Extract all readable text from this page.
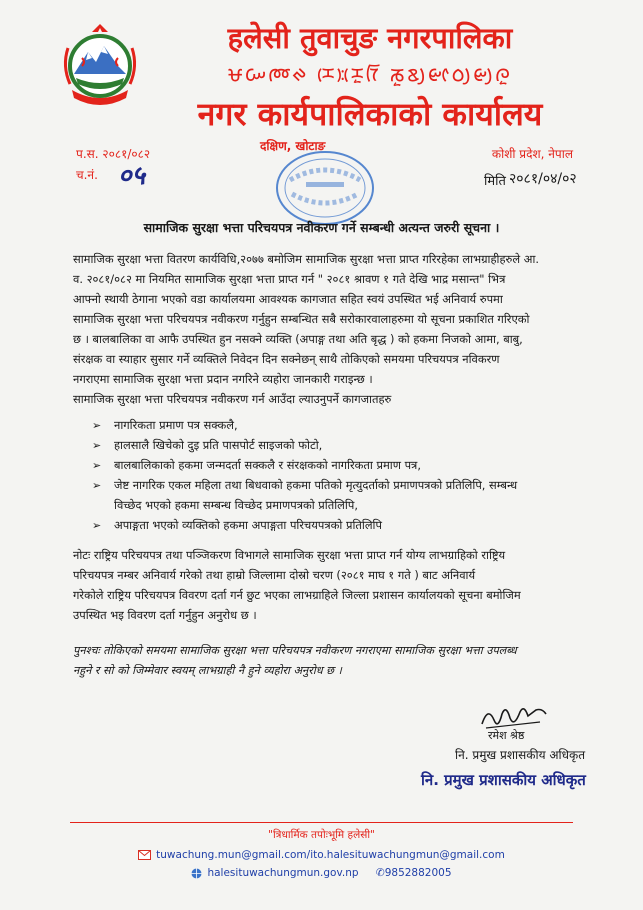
हलेसी तुवाचुङ नगरपालिका
ᰝᰠᰢᰊ ᰌᰨ᰿ᰌᰬᰅᰩ ᰕᰬᰣᰪᰡᰦᰓᰪᰡᰪᰍᰬ
नगर कार्यपालिकाको कार्यालय
प.स. २०८१/०८२
च.नं. ०५
कोशी प्रदेश, नेपाल
मिति २०८१/०४/०२
दक्षिण, खोटाङ
सामाजिक सुरक्षा भत्ता परिचयपत्र नवीकरण गर्ने सम्बन्धी अत्यन्त जरुरी सूचना ।
सामाजिक सुरक्षा भत्ता वितरण कार्यविधि,२०७७ बमोजिम सामाजिक सुरक्षा भत्ता प्राप्त गरिरहेका लाभग्राहीहरुले आ.
व. २०८१/०८२ मा नियमित सामाजिक सुरक्षा भत्ता प्राप्त गर्न " २०८१ श्रावण १ गते देखि भाद्र मसान्त" भित्र
आफ्नो स्थायी ठेगाना भएको वडा कार्यालयमा आवश्यक कागजात सहित स्वयं उपस्थित भई अनिवार्य रुपमा
सामाजिक सुरक्षा भत्ता परिचयपत्र नवीकरण गर्नुहुन सम्बन्धित सबै सरोकारवालाहरुमा यो सूचना प्रकाशित गरिएको
छ । बालबालिका वा आफै उपस्थित हुन नसक्ने व्यक्ति (अपाङ्ग तथा अति बृद्ध ) को हकमा निजको आमा, बाबु,
संरक्षक वा स्याहार सुसार गर्ने व्यक्तिले निवेदन दिन सक्नेछन् साथै तोकिएको समयमा परिचयपत्र नविकरण
नगराएमा सामाजिक सुरक्षा भत्ता प्रदान नगरिने व्यहोरा जानकारी गराइन्छ ।
सामाजिक सुरक्षा भत्ता परिचयपत्र नवीकरण गर्न आउँदा ल्याउनुपर्ने कागजातहरु
➢ नागरिकता प्रमाण पत्र सक्कलै,
➢ हालसालै खिचेको दुइ प्रति पासपोर्ट साइजको फोटो,
➢ बालबालिकाको हकमा जन्मदर्ता सक्कलै र संरक्षकको नागरिकता प्रमाण पत्र,
➢ जेष्ट नागरिक एकल महिला तथा बिधवाको हकमा पतिको मृत्युदर्ताको प्रमाणपत्रको प्रतिलिपि, सम्बन्ध
विच्छेद भएको हकमा सम्बन्ध विच्छेद प्रमाणपत्रको प्रतिलिपि,
➢ अपाङ्गता भएको व्यक्तिको हकमा अपाङ्गता परिचयपत्रको प्रतिलिपि
नोटः राष्ट्रिय परिचयपत्र तथा पञ्जिकरण विभागले सामाजिक सुरक्षा भत्ता प्राप्त गर्न योग्य लाभग्राहिको राष्ट्रिय
परिचयपत्र नम्बर अनिवार्य गरेको तथा हाम्रो जिल्लामा दोस्रो चरण (२०८१ माघ १ गते ) बाट अनिवार्य
गरेकोले राष्ट्रिय परिचयपत्र विवरण दर्ता गर्न छुट भएका लाभग्राहिले जिल्ला प्रशासन कार्यालयको सूचना बमोजिम
उपस्थित भइ विवरण दर्ता गर्नुहुन अनुरोध छ ।
पुनश्चः तोकिएको समयमा सामाजिक सुरक्षा भत्ता परिचयपत्र नवीकरण नगराएमा सामाजिक सुरक्षा भत्ता उपलब्ध
नहुने र सो को जिम्मेवार स्वयम् लाभग्राही नै हुने व्यहोरा अनुरोध छ ।
रमेश श्रेष्ठ
नि. प्रमुख प्रशासकीय अधिकृत
नि. प्रमुख प्रशासकीय अधिकृत
"त्रिधार्मिक तपोःभूमि हलेसी"
tuwachung.mun@gmail.com/ito.halesituwachungmun@gmail.com
halesituwachungmun.gov.np ✆9852882005
